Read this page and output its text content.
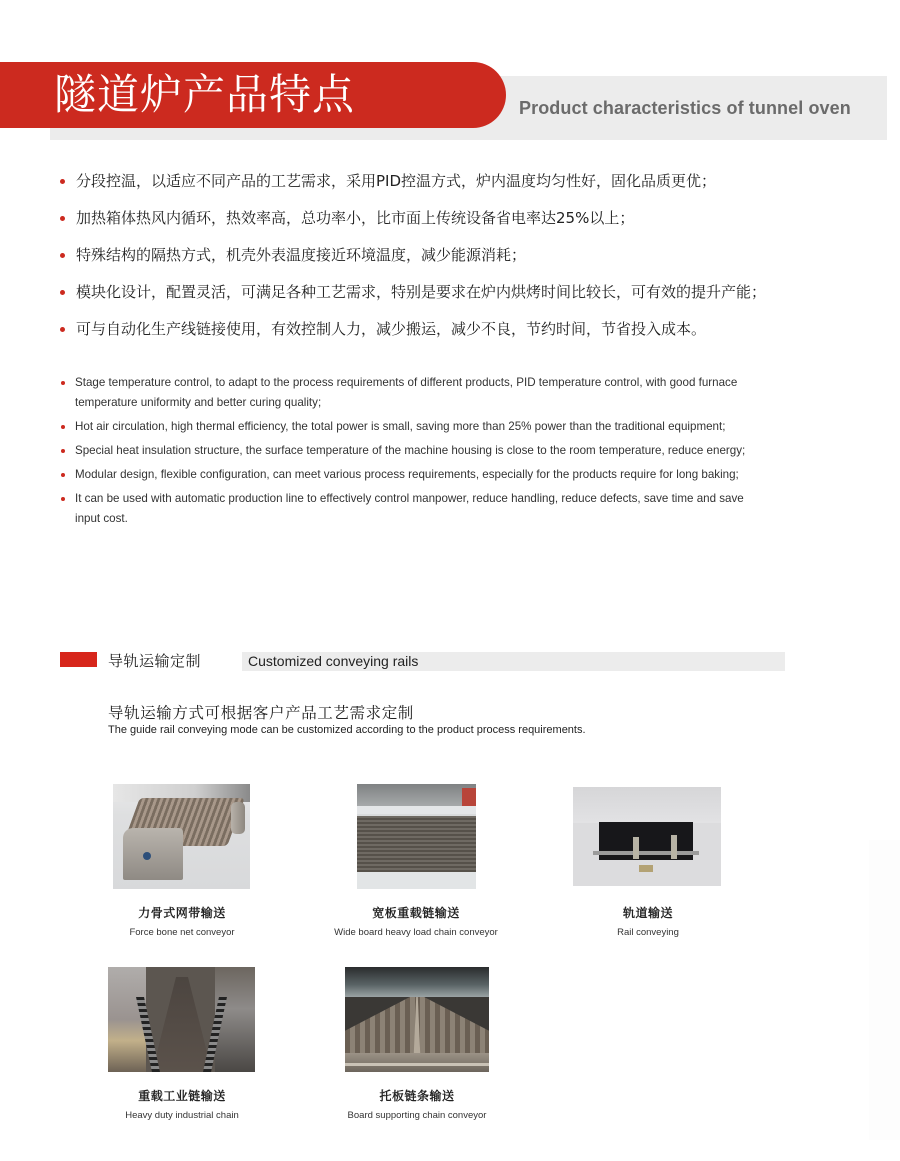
隧道炉产品特点	Product characteristics of tunnel oven
分段控温，以适应不同产品的工艺需求，采用PID控温方式，炉内温度均匀性好，固化品质更优；
加热箱体热风内循环，热效率高，总功率小，比市面上传统设备省电率达25%以上；
特殊结构的隔热方式，机壳外表温度接近环境温度，减少能源消耗；
模块化设计，配置灵活，可满足各种工艺需求，特别是要求在炉内烘烤时间比较长，可有效的提升产能；
可与自动化生产线链接使用，有效控制人力，减少搬运，减少不良，节约时间，节省投入成本。
Stage temperature control, to adapt to the process requirements of different products, PID temperature control, with good furnace temperature uniformity and better curing quality;
Hot air circulation, high thermal efficiency, the total power is small, saving more than 25% power than the traditional equipment;
Special heat insulation structure, the surface temperature of the machine housing is close to the room temperature, reduce energy;
Modular design, flexible configuration, can meet various process requirements, especially for the products require for long baking;
It can be used with automatic production line to effectively control manpower, reduce handling, reduce defects, save time and save input cost.
导轨运输定制	Customized conveying rails
导轨运输方式可根据客户产品工艺需求定制
The guide rail conveying mode can be customized according to the product process requirements.
力骨式网带输送
Force bone net conveyor
宽板重载链输送
Wide board heavy load chain conveyor
轨道输送
Rail conveying
重载工业链输送
Heavy duty industrial chain
托板链条输送
Board supporting chain conveyor
